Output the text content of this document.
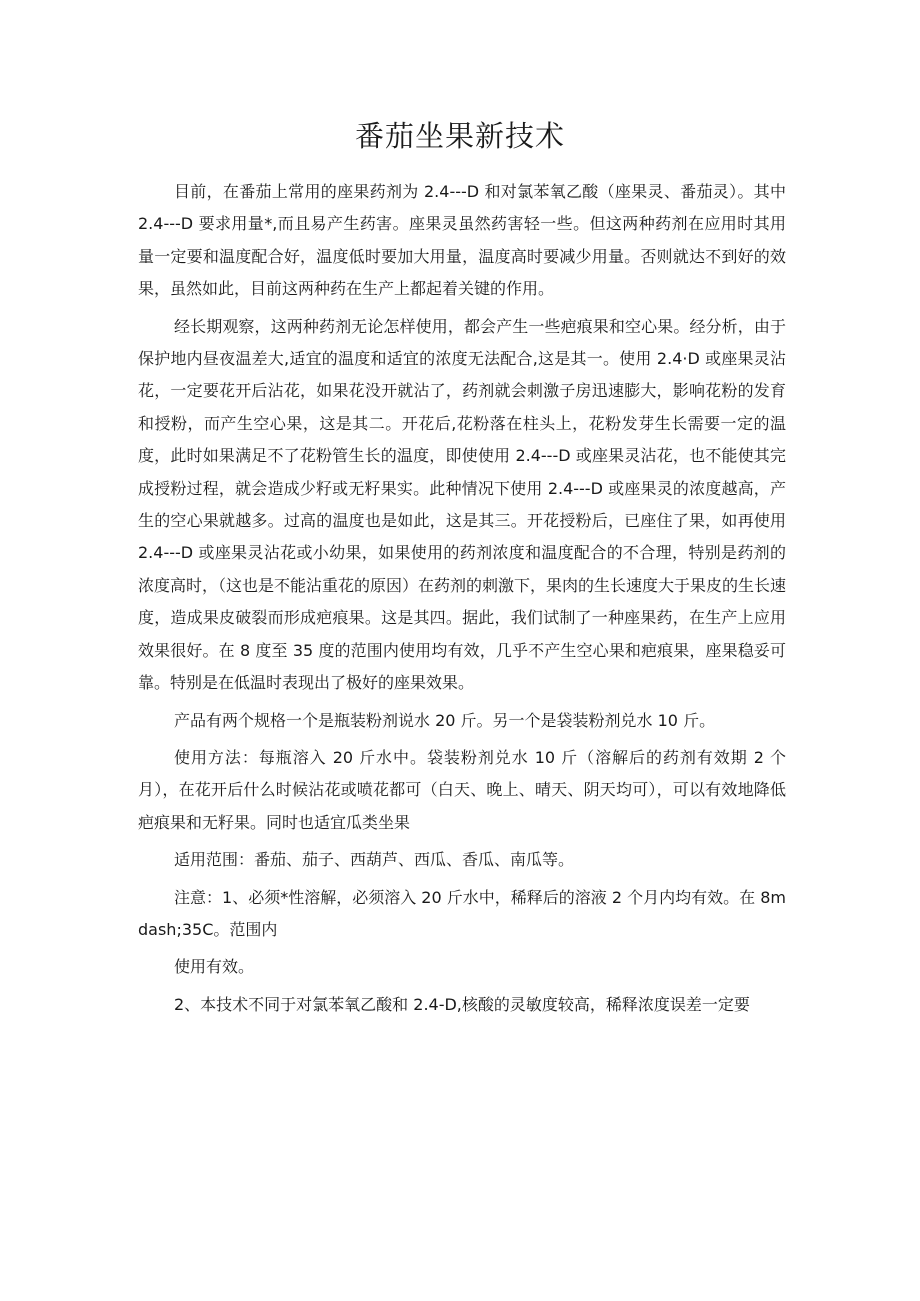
番茄坐果新技术

目前，在番茄上常用的座果药剂为 2.4---D 和对氯苯氧乙酸（座果灵、番茄灵）。其中 2.4---D 要求用量*,而且易产生药害。座果灵虽然药害轻一些。但这两种药剂在应用时其用量一定要和温度配合好，温度低时要加大用量，温度高时要减少用量。否则就达不到好的效果，虽然如此，目前这两种药在生产上都起着关键的作用。

经长期观察，这两种药剂无论怎样使用，都会产生一些疤痕果和空心果。经分析，由于保护地内昼夜温差大,适宜的温度和适宜的浓度无法配合,这是其一。使用 2.4·D 或座果灵沾花，一定要花开后沾花，如果花没开就沾了，药剂就会刺激子房迅速膨大，影响花粉的发育和授粉，而产生空心果，这是其二。开花后,花粉落在柱头上，花粉发芽生长需要一定的温度，此时如果满足不了花粉管生长的温度，即使使用 2.4---D 或座果灵沾花，也不能使其完成授粉过程，就会造成少籽或无籽果实。此种情况下使用 2.4---D 或座果灵的浓度越高，产生的空心果就越多。过高的温度也是如此，这是其三。开花授粉后，已座住了果，如再使用 2.4---D 或座果灵沾花或小幼果，如果使用的药剂浓度和温度配合的不合理，特别是药剂的浓度高时，（这也是不能沾重花的原因）在药剂的刺激下，果肉的生长速度大于果皮的生长速度，造成果皮破裂而形成疤痕果。这是其四。据此，我们试制了一种座果药，在生产上应用效果很好。在 8 度至 35 度的范围内使用均有效，几乎不产生空心果和疤痕果，座果稳妥可靠。特别是在低温时表现出了极好的座果效果。

产品有两个规格一个是瓶装粉剂说水 20 斤。另一个是袋装粉剂兑水 10 斤。

使用方法：每瓶溶入 20 斤水中。袋装粉剂兑水 10 斤（溶解后的药剂有效期 2 个月），在花开后什么时候沾花或喷花都可（白天、晚上、晴天、阴天均可），可以有效地降低疤痕果和无籽果。同时也适宜瓜类坐果

适用范围：番茄、茄子、西葫芦、西瓜、香瓜、南瓜等。

注意：1、必须*性溶解，必须溶入 20 斤水中，稀释后的溶液 2 个月内均有效。在 8mdash;35C。范围内

使用有效。

2、本技术不同于对氯苯氧乙酸和 2.4-D,核酸的灵敏度较高，稀释浓度误差一定要
